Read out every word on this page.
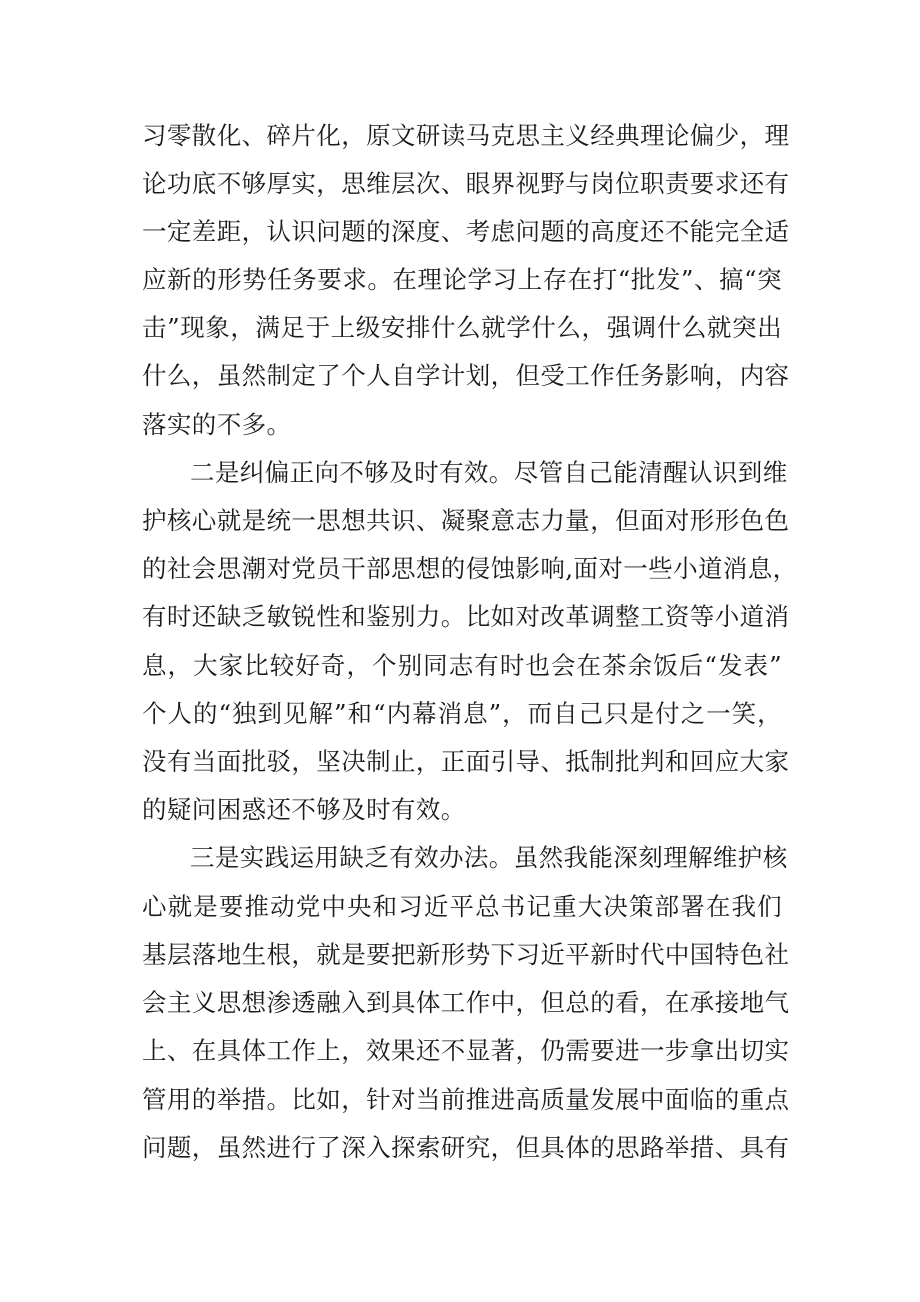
习零散化、碎片化，原文研读马克思主义经典理论偏少，理
论功底不够厚实，思维层次、眼界视野与岗位职责要求还有
一定差距，认识问题的深度、考虑问题的高度还不能完全适
应新的形势任务要求。在理论学习上存在打“批发”、搞“突
击”现象，满足于上级安排什么就学什么，强调什么就突出
什么，虽然制定了个人自学计划，但受工作任务影响，内容
落实的不多。
二是纠偏正向不够及时有效。尽管自己能清醒认识到维
护核心就是统一思想共识、凝聚意志力量，但面对形形色色
的社会思潮对党员干部思想的侵蚀影响,面对一些小道消息，
有时还缺乏敏锐性和鉴别力。比如对改革调整工资等小道消
息，大家比较好奇，个别同志有时也会在茶余饭后“发表”
个人的“独到见解”和“内幕消息”，而自己只是付之一笑，
没有当面批驳，坚决制止，正面引导、抵制批判和回应大家
的疑问困惑还不够及时有效。
三是实践运用缺乏有效办法。虽然我能深刻理解维护核
心就是要推动党中央和习近平总书记重大决策部署在我们
基层落地生根，就是要把新形势下习近平新时代中国特色社
会主义思想渗透融入到具体工作中，但总的看，在承接地气
上、在具体工作上，效果还不显著，仍需要进一步拿出切实
管用的举措。比如，针对当前推进高质量发展中面临的重点
问题，虽然进行了深入探索研究，但具体的思路举措、具有
